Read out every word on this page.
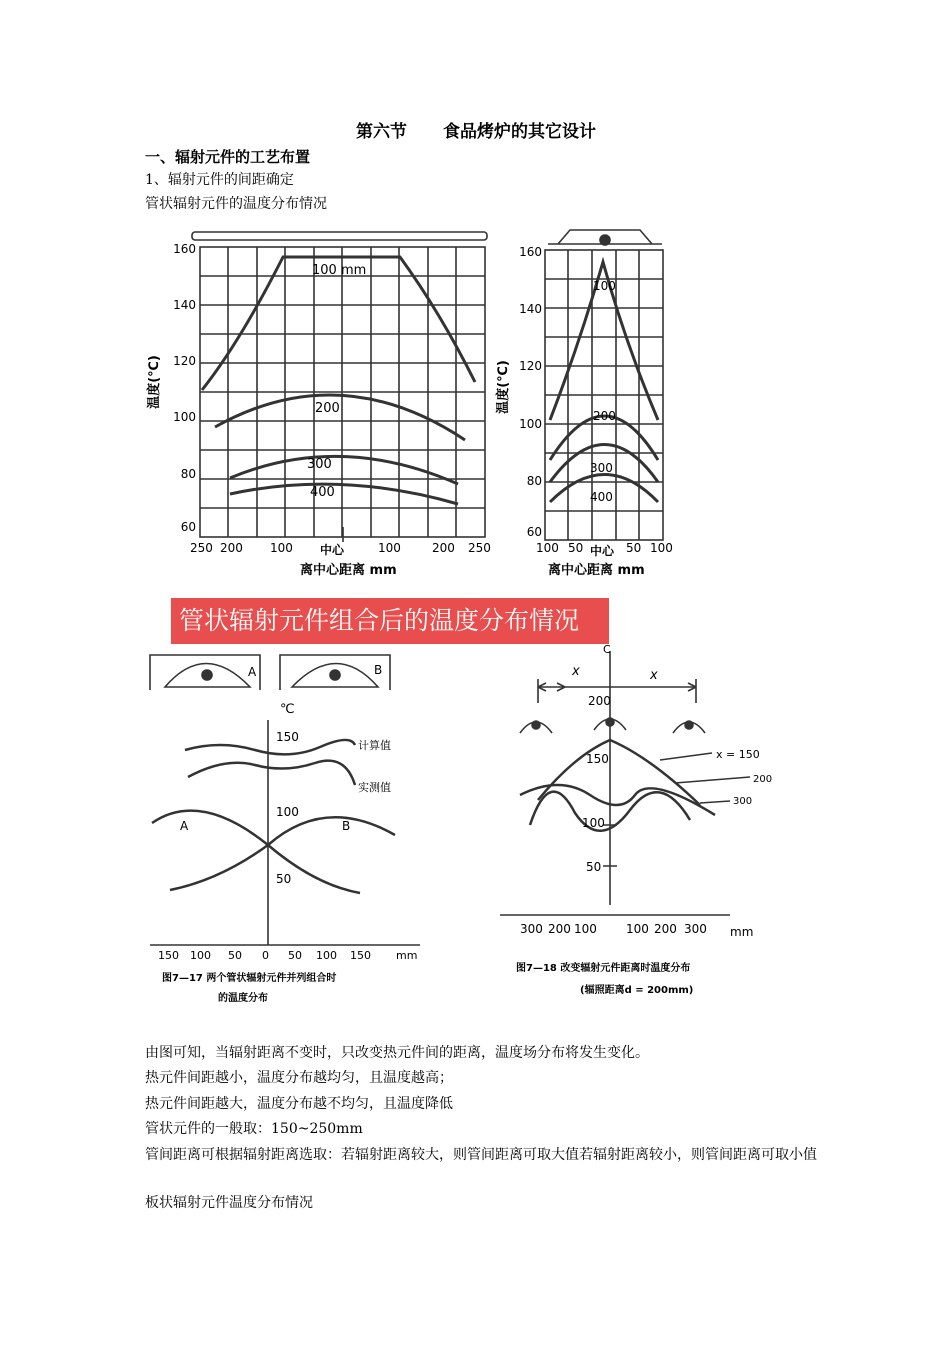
第六节 食品烤炉的其它设计
一、辐射元件的工艺布置
1、辐射元件的间距确定
管状辐射元件的温度分布情况
100 mm
200
300
400
160
140
120
100
80
60
温度(℃)
250 200 100 中心	100	200 250
离中心距离 mm
100
200
300
400
160
140
120
100
80
60
温度(℃)
100 50 中心 50 100
离中心距离 mm
管状辐射元件组合后的温度分布情况
A	B
℃
150
100
50
计算值
实测值
A	B
150 100 50 0 50 100 150 mm
图7—17 两个管状辐射元件并列组合时
的温度分布
C
x	x
200
x = 150
200
300
150
100
50
300 200 100 100 200 300 mm
图7—18 改变辐射元件距离时温度分布
(辐照距离d = 200mm)
由图可知，当辐射距离不变时，只改变热元件间的距离，温度场分布将发生变化。
热元件间距越小，温度分布越均匀，且温度越高；
热元件间距越大，温度分布越不均匀，且温度降低
管状元件的一般取：150~250mm
管间距离可根据辐射距离选取：若辐射距离较大，则管间距离可取大值若辐射距离较小，则管间距离可取小值
板状辐射元件温度分布情况
